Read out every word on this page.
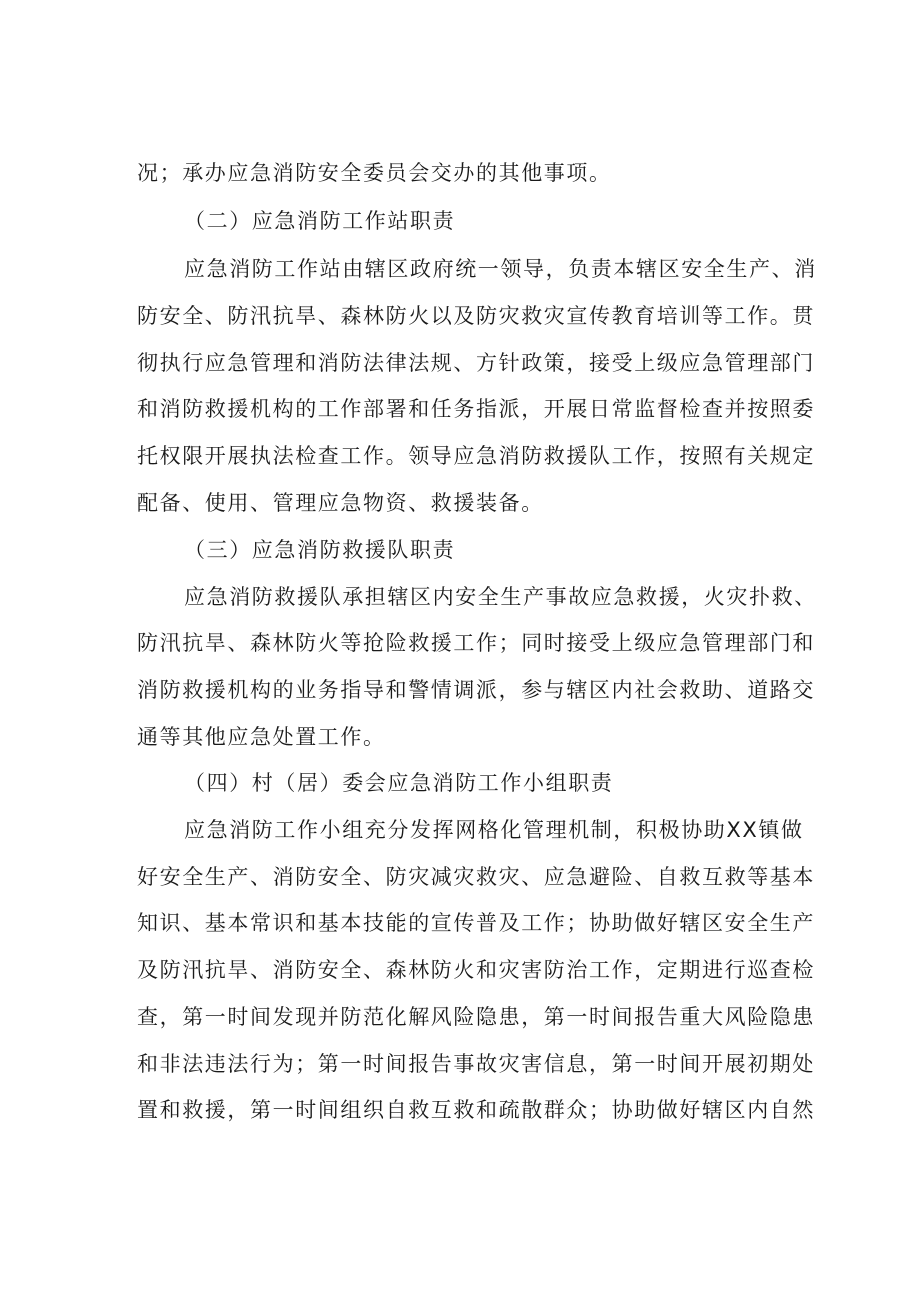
况；承办应急消防安全委员会交办的其他事项。
（二）应急消防工作站职责
应急消防工作站由辖区政府统一领导，负责本辖区安全生产、消
防安全、防汛抗旱、森林防火以及防灾救灾宣传教育培训等工作。贯
彻执行应急管理和消防法律法规、方针政策，接受上级应急管理部门
和消防救援机构的工作部署和任务指派，开展日常监督检查并按照委
托权限开展执法检查工作。领导应急消防救援队工作，按照有关规定
配备、使用、管理应急物资、救援装备。
（三）应急消防救援队职责
应急消防救援队承担辖区内安全生产事故应急救援，火灾扑救、
防汛抗旱、森林防火等抢险救援工作；同时接受上级应急管理部门和
消防救援机构的业务指导和警情调派，参与辖区内社会救助、道路交
通等其他应急处置工作。
（四）村（居）委会应急消防工作小组职责
应急消防工作小组充分发挥网格化管理机制，积极协助XX镇做
好安全生产、消防安全、防灾减灾救灾、应急避险、自救互救等基本
知识、基本常识和基本技能的宣传普及工作；协助做好辖区安全生产
及防汛抗旱、消防安全、森林防火和灾害防治工作，定期进行巡查检
查，第一时间发现并防范化解风险隐患，第一时间报告重大风险隐患
和非法违法行为；第一时间报告事故灾害信息，第一时间开展初期处
置和救援，第一时间组织自救互救和疏散群众；协助做好辖区内自然
